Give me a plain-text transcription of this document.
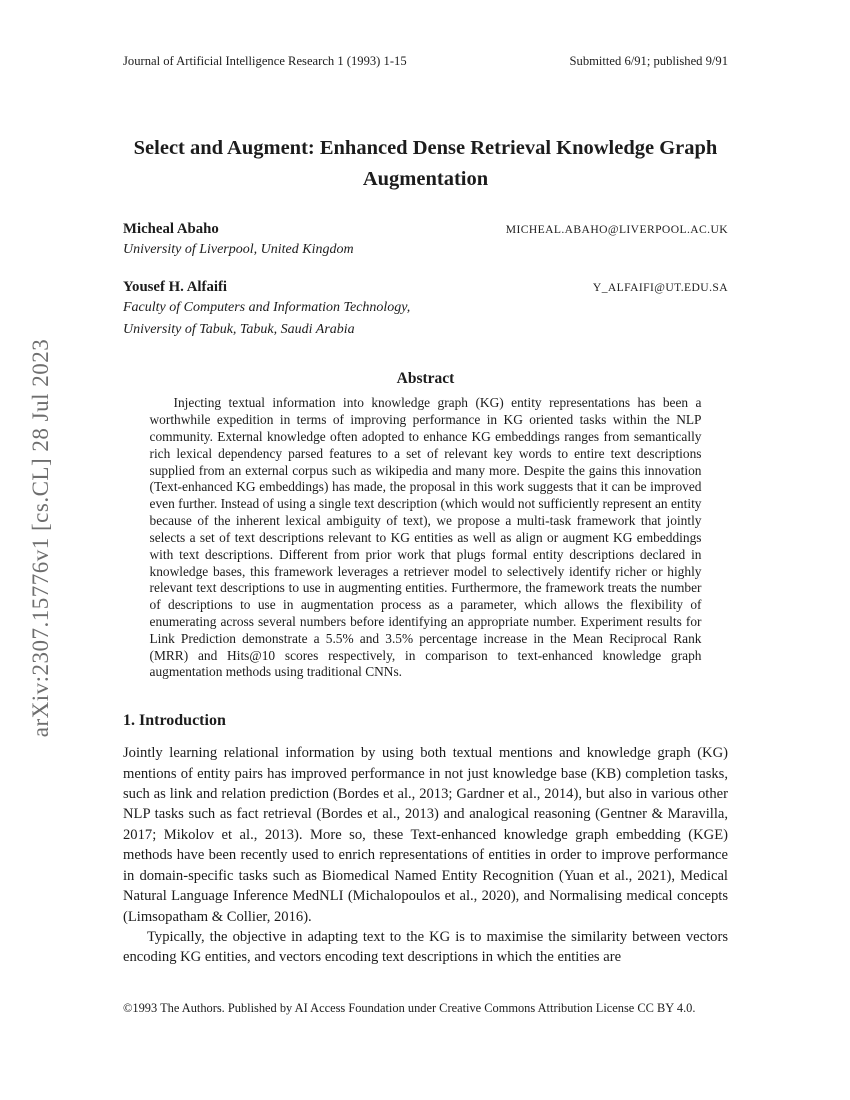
arXiv:2307.15776v1 [cs.CL] 28 Jul 2023
Journal of Artificial Intelligence Research 1 (1993) 1-15	Submitted 6/91; published 9/91
Select and Augment: Enhanced Dense Retrieval Knowledge Graph Augmentation
Micheal Abaho	MICHEAL.ABAHO@LIVERPOOL.AC.UK
University of Liverpool, United Kingdom
Yousef H. Alfaifi	Y_ALFAIFI@UT.EDU.SA
Faculty of Computers and Information Technology,
University of Tabuk, Tabuk, Saudi Arabia
Abstract

Injecting textual information into knowledge graph (KG) entity representations has been a worthwhile expedition in terms of improving performance in KG oriented tasks within the NLP community. External knowledge often adopted to enhance KG embeddings ranges from semantically rich lexical dependency parsed features to a set of relevant key words to entire text descriptions supplied from an external corpus such as wikipedia and many more. Despite the gains this innovation (Text-enhanced KG embeddings) has made, the proposal in this work suggests that it can be improved even further. Instead of using a single text description (which would not sufficiently represent an entity because of the inherent lexical ambiguity of text), we propose a multi-task framework that jointly selects a set of text descriptions relevant to KG entities as well as align or augment KG embeddings with text descriptions. Different from prior work that plugs formal entity descriptions declared in knowledge bases, this framework leverages a retriever model to selectively identify richer or highly relevant text descriptions to use in augmenting entities. Furthermore, the framework treats the number of descriptions to use in augmentation process as a parameter, which allows the flexibility of enumerating across several numbers before identifying an appropriate number. Experiment results for Link Prediction demonstrate a 5.5% and 3.5% percentage increase in the Mean Reciprocal Rank (MRR) and Hits@10 scores respectively, in comparison to text-enhanced knowledge graph augmentation methods using traditional CNNs.

1. Introduction

Jointly learning relational information by using both textual mentions and knowledge graph (KG) mentions of entity pairs has improved performance in not just knowledge base (KB) completion tasks, such as link and relation prediction (Bordes et al., 2013; Gardner et al., 2014), but also in various other NLP tasks such as fact retrieval (Bordes et al., 2013) and analogical reasoning (Gentner & Maravilla, 2017; Mikolov et al., 2013). More so, these Text-enhanced knowledge graph embedding (KGE) methods have been recently used to enrich representations of entities in order to improve performance in domain-specific tasks such as Biomedical Named Entity Recognition (Yuan et al., 2021), Medical Natural Language Inference MedNLI (Michalopoulos et al., 2020), and Normalising medical concepts (Limsopatham & Collier, 2016).

Typically, the objective in adapting text to the KG is to maximise the similarity between vectors encoding KG entities, and vectors encoding text descriptions in which the entities are

©1993 The Authors. Published by AI Access Foundation under Creative Commons Attribution License CC BY 4.0.
